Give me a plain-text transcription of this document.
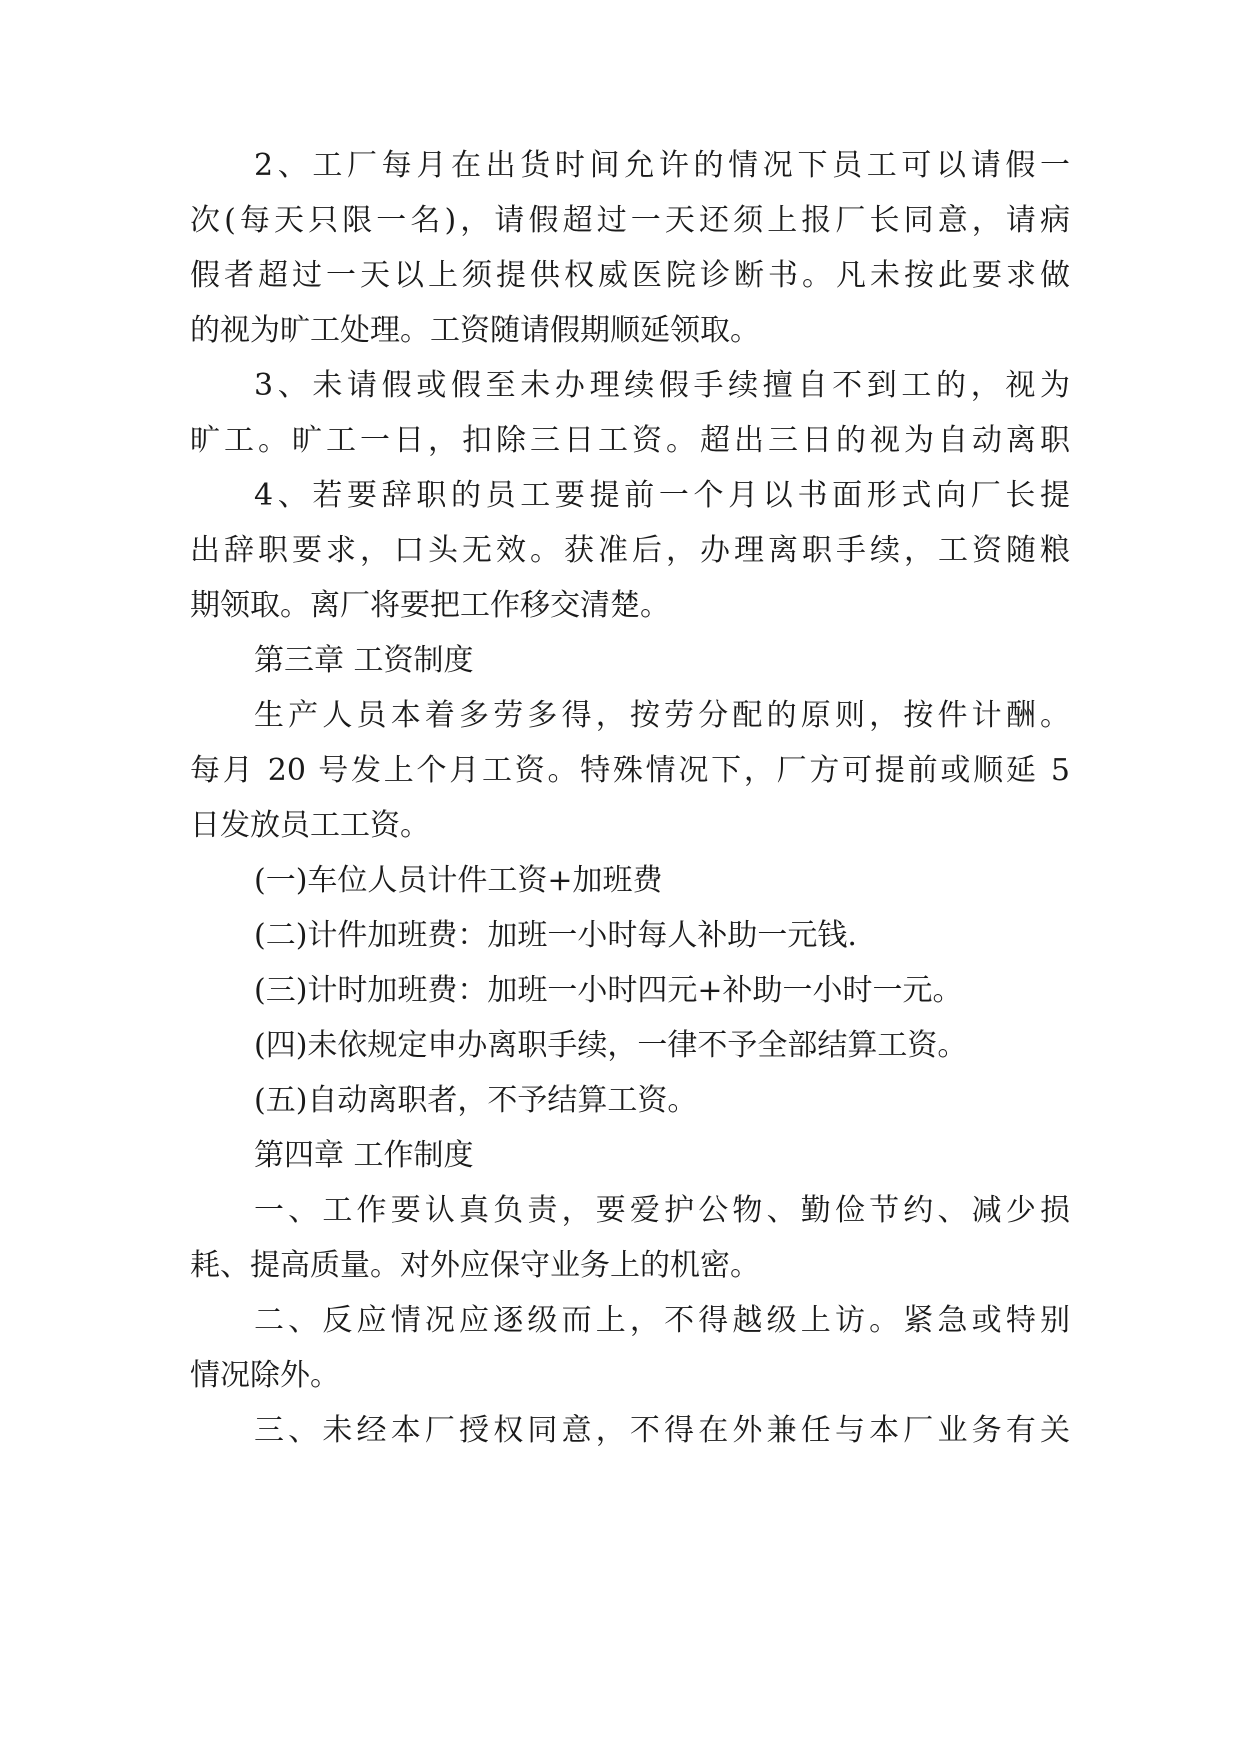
2、工厂每月在出货时间允许的情况下员工可以请假一
次(每天只限一名)，请假超过一天还须上报厂长同意，请病
假者超过一天以上须提供权威医院诊断书。凡未按此要求做
的视为旷工处理。工资随请假期顺延领取。
3、未请假或假至未办理续假手续擅自不到工的，视为
旷工。旷工一日，扣除三日工资。超出三日的视为自动离职
4、若要辞职的员工要提前一个月以书面形式向厂长提
出辞职要求，口头无效。获准后，办理离职手续，工资随粮
期领取。离厂将要把工作移交清楚。
第三章 工资制度
生产人员本着多劳多得，按劳分配的原则，按件计酬。
每月 20 号发上个月工资。特殊情况下，厂方可提前或顺延 5
日发放员工工资。
(一)车位人员计件工资+加班费
(二)计件加班费：加班一小时每人补助一元钱.
(三)计时加班费：加班一小时四元+补助一小时一元。
(四)未依规定申办离职手续，一律不予全部结算工资。
(五)自动离职者，不予结算工资。
第四章 工作制度
一、工作要认真负责，要爱护公物、勤俭节约、减少损
耗、提高质量。对外应保守业务上的机密。
二、反应情况应逐级而上，不得越级上访。紧急或特别
情况除外。
三、未经本厂授权同意，不得在外兼任与本厂业务有关
